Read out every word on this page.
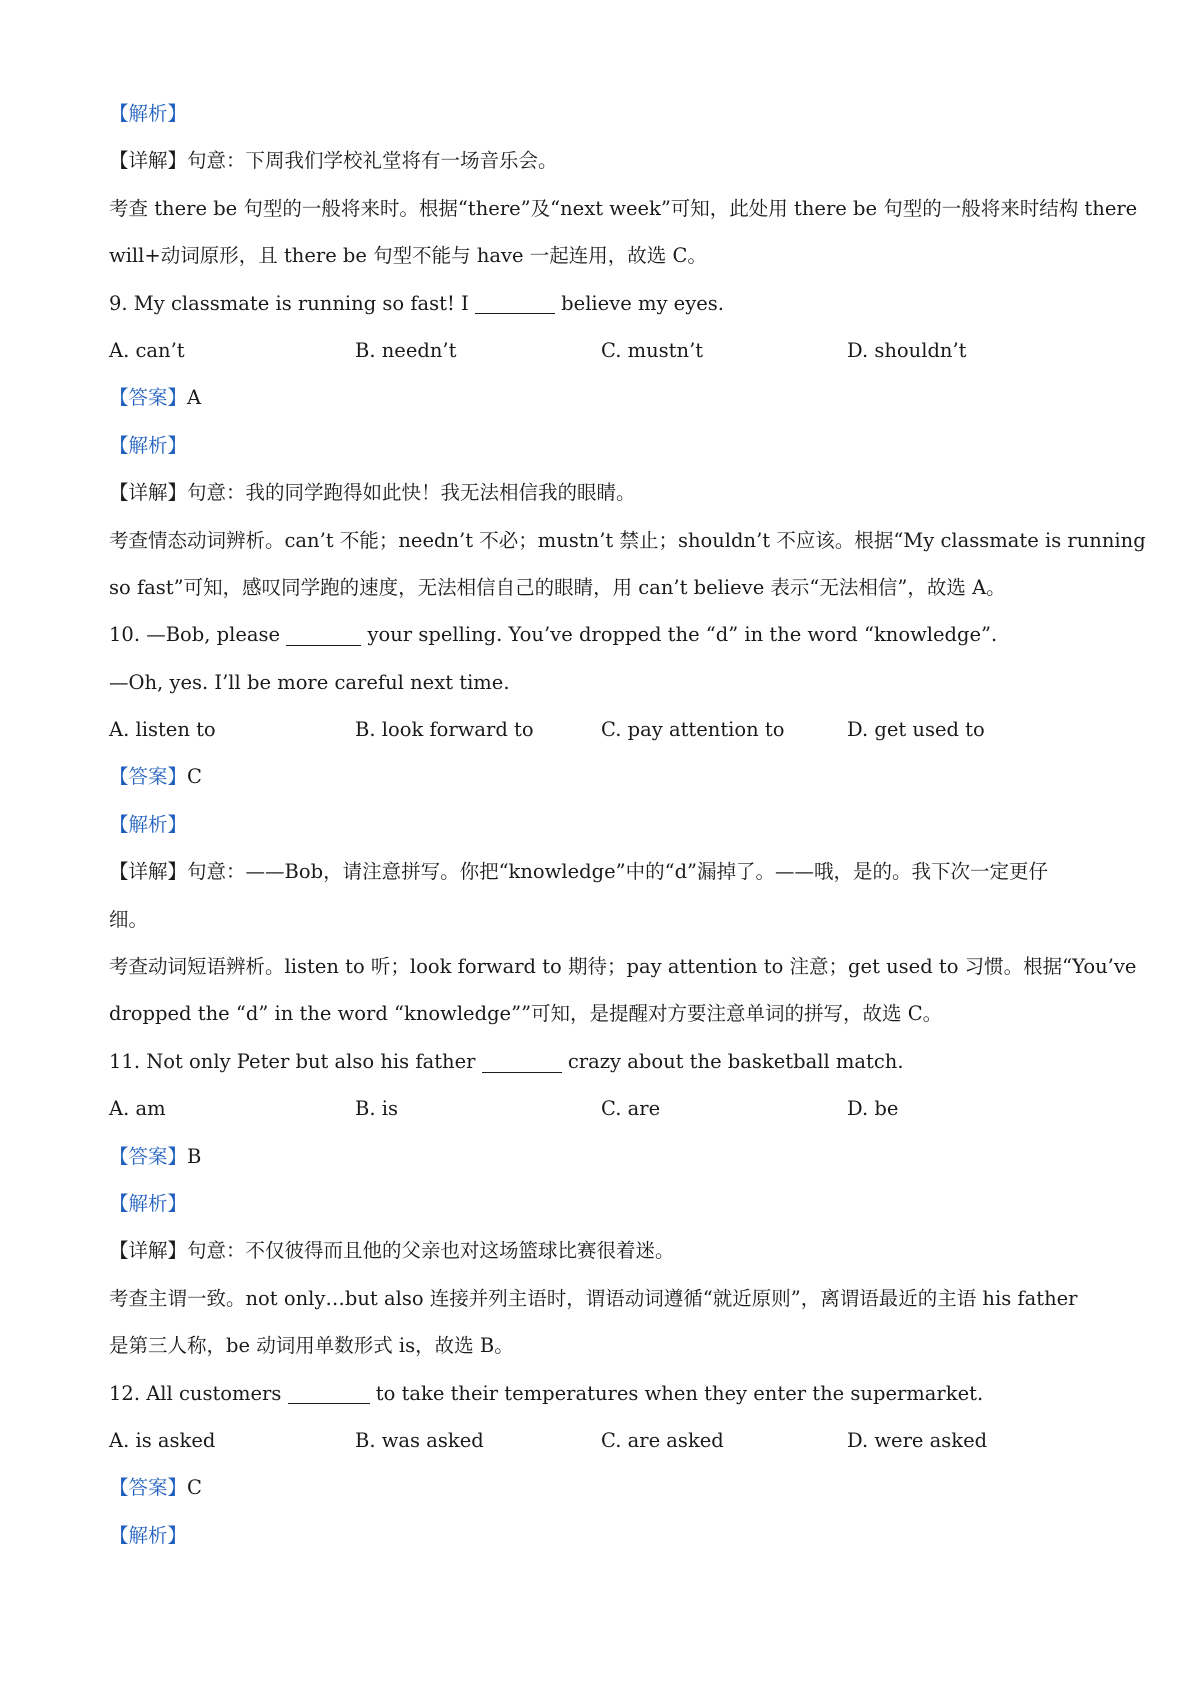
【解析】
【详解】句意：下周我们学校礼堂将有一场音乐会。
考查 there be 句型的一般将来时。根据“there”及“next week”可知，此处用 there be 句型的一般将来时结构 there
will+动词原形，且 there be 句型不能与 have 一起连用，故选 C。
9. My classmate is running so fast! I	believe my eyes.
A. can’t	B. needn’t	C. mustn’t	D. shouldn’t
【答案】A
【解析】
【详解】句意：我的同学跑得如此快！我无法相信我的眼睛。
考查情态动词辨析。can’t 不能；needn’t 不必；mustn’t 禁止；shouldn’t 不应该。根据“My classmate is running
so fast”可知，感叹同学跑的速度，无法相信自己的眼睛，用 can’t believe 表示“无法相信”，故选 A。
10. —Bob, please	your spelling. You’ve dropped the “d” in the word “knowledge”.
—Oh, yes. I’ll be more careful next time.
A. listen to	B. look forward to	C. pay attention to	D. get used to
【答案】C
【解析】
【详解】句意：——Bob，请注意拼写。你把“knowledge”中的“d”漏掉了。——哦，是的。我下次一定更仔
细。
考查动词短语辨析。listen to 听；look forward to 期待；pay attention to 注意；get used to 习惯。根据“You’ve
dropped the “d” in the word “knowledge””可知，是提醒对方要注意单词的拼写，故选 C。
11. Not only Peter but also his father	crazy about the basketball match.
A. am	B. is	C. are	D. be
【答案】B
【解析】
【详解】句意：不仅彼得而且他的父亲也对这场篮球比赛很着迷。
考查主谓一致。not only…but also 连接并列主语时，谓语动词遵循“就近原则”，离谓语最近的主语 his father
是第三人称，be 动词用单数形式 is，故选 B。
12. All customers	to take their temperatures when they enter the supermarket.
A. is asked	B. was asked	C. are asked	D. were asked
【答案】C
【解析】
